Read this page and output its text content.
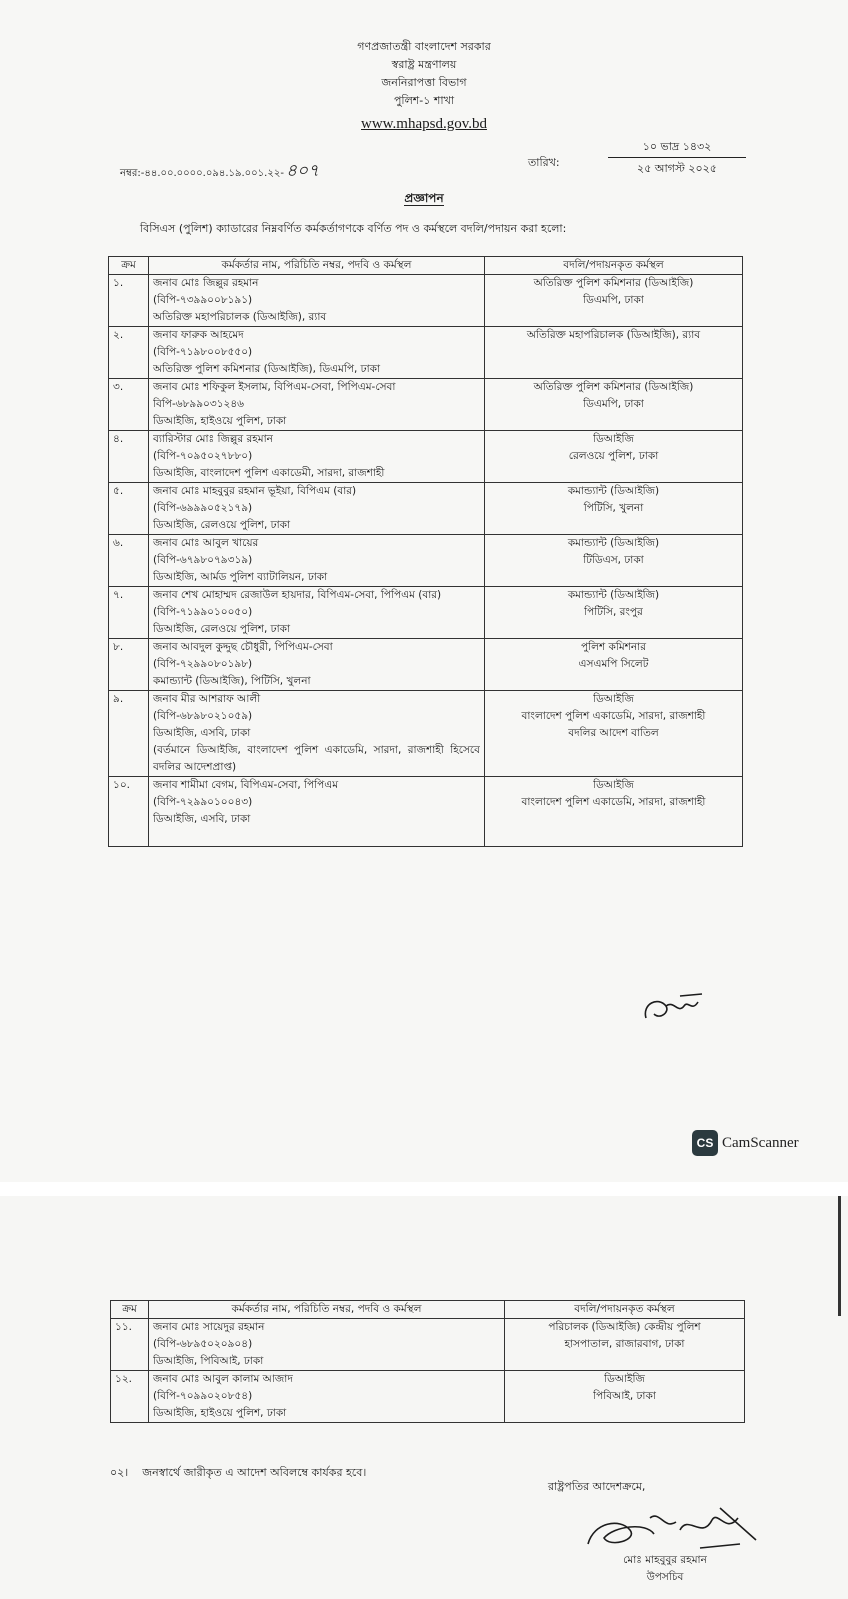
গণপ্রজাতন্ত্রী বাংলাদেশ সরকার
স্বরাষ্ট্র মন্ত্রণালয়
জননিরাপত্তা বিভাগ
পুলিশ-১ শাখা
www.mhapsd.gov.bd
নম্বর:-৪৪.০০.০০০০.০৯৪.১৯.০০১.২২- ৪০৭	তারিখ:
১০ ভাদ্র ১৪৩২
২৫ আগস্ট ২০২৫
প্রজ্ঞাপন
বিসিএস (পুলিশ) ক্যাডারের নিম্নবর্ণিত কর্মকর্তাগণকে বর্ণিত পদ ও কর্মস্থলে বদলি/পদায়ন করা হলো:
ক্রম	কর্মকর্তার নাম, পরিচিতি নম্বর, পদবি ও কর্মস্থল	বদলি/পদায়নকৃত কর্মস্থল
১.	জনাব মোঃ জিল্লুর রহমান
(বিপি-৭৩৯৯০০৮১৯১)
অতিরিক্ত মহাপরিচালক (ডিআইজি), র‍্যাব	অতিরিক্ত পুলিশ কমিশনার (ডিআইজি)
ডিএমপি, ঢাকা

২.	জনাব ফারুক আহমেদ
(বিপি-৭১৯৮০০৮৫৫০)
অতিরিক্ত পুলিশ কমিশনার (ডিআইজি), ডিএমপি, ঢাকা	অতিরিক্ত মহাপরিচালক (ডিআইজি), র‍্যাব

৩.	জনাব মোঃ শফিকুল ইসলাম, বিপিএম-সেবা, পিপিএম-সেবা
বিপি-৬৮৯৯০৩১২৪৬
ডিআইজি, হাইওয়ে পুলিশ, ঢাকা	অতিরিক্ত পুলিশ কমিশনার (ডিআইজি)
ডিএমপি, ঢাকা

৪.	ব্যারিস্টার মোঃ জিল্লুর রহমান
(বিপি-৭০৯৫০২৭৮৮০)
ডিআইজি, বাংলাদেশ পুলিশ একাডেমী, সারদা, রাজশাহী	ডিআইজি
রেলওয়ে পুলিশ, ঢাকা

৫.	জনাব মোঃ মাহবুবুর রহমান ভূইয়া, বিপিএম (বার)
(বিপি-৬৯৯৯০৫২১৭৯)
ডিআইজি, রেলওয়ে পুলিশ, ঢাকা	কমান্ড্যান্ট (ডিআইজি)
পিটিসি, খুলনা

৬.	জনাব মোঃ আবুল খায়ের
(বিপি-৬৭৯৮০৭৯৩১৯)
ডিআইজি, আর্মড পুলিশ ব্যাটালিয়ন, ঢাকা	কমান্ড্যান্ট (ডিআইজি)
টিডিএস, ঢাকা

৭.	জনাব শেখ মোহাম্মদ রেজাউল হায়দার, বিপিএম-সেবা, পিপিএম (বার)
(বিপি-৭১৯৯০১০০৫০)
ডিআইজি, রেলওয়ে পুলিশ, ঢাকা	কমান্ড্যান্ট (ডিআইজি)
পিটিসি, রংপুর

৮.	জনাব আবদুল কুদ্দুছ চৌধুরী, পিপিএম-সেবা
(বিপি-৭২৯৯০৮০১৯৮)
কমান্ড্যান্ট (ডিআইজি), পিটিসি, খুলনা	পুলিশ কমিশনার
এসএমপি সিলেট

৯.	জনাব মীর আশরাফ আলী
(বিপি-৬৮৯৮০২১০৫৯)
ডিআইজি, এসবি, ঢাকা
(বর্তমানে ডিআইজি, বাংলাদেশ পুলিশ একাডেমি, সারদা, রাজশাহী হিসেবে বদলির আদেশপ্রাপ্ত)	ডিআইজি
বাংলাদেশ পুলিশ একাডেমি, সারদা, রাজশাহী
বদলির আদেশ বাতিল

১০.	জনাব শামীমা বেগম, বিপিএম-সেবা, পিপিএম
(বিপি-৭২৯৯০১০০৪৩)
ডিআইজি, এসবি, ঢাকা	ডিআইজি
বাংলাদেশ পুলিশ একাডেমি, সারদা, রাজশাহী
CS CamScanner
ক্রম	কর্মকর্তার নাম, পরিচিতি নম্বর, পদবি ও কর্মস্থল	বদলি/পদায়নকৃত কর্মস্থল
১১.	জনাব মোঃ সায়েদুর রহমান
(বিপি-৬৮৯৫০২০৯০৪)
ডিআইজি, পিবিআই, ঢাকা	পরিচালক (ডিআইজি) কেন্দ্রীয় পুলিশ
হাসপাতাল, রাজারবাগ, ঢাকা

১২.	জনাব মোঃ আবুল কালাম আজাদ
(বিপি-৭০৯৯০২০৮৫৪)
ডিআইজি, হাইওয়ে পুলিশ, ঢাকা	ডিআইজি
পিবিআই, ঢাকা
০২। জনস্বার্থে জারীকৃত এ আদেশ অবিলম্বে কার্যকর হবে।
রাষ্ট্রপতির আদেশক্রমে,
মোঃ মাহবুবুর রহমান
উপসচিব
